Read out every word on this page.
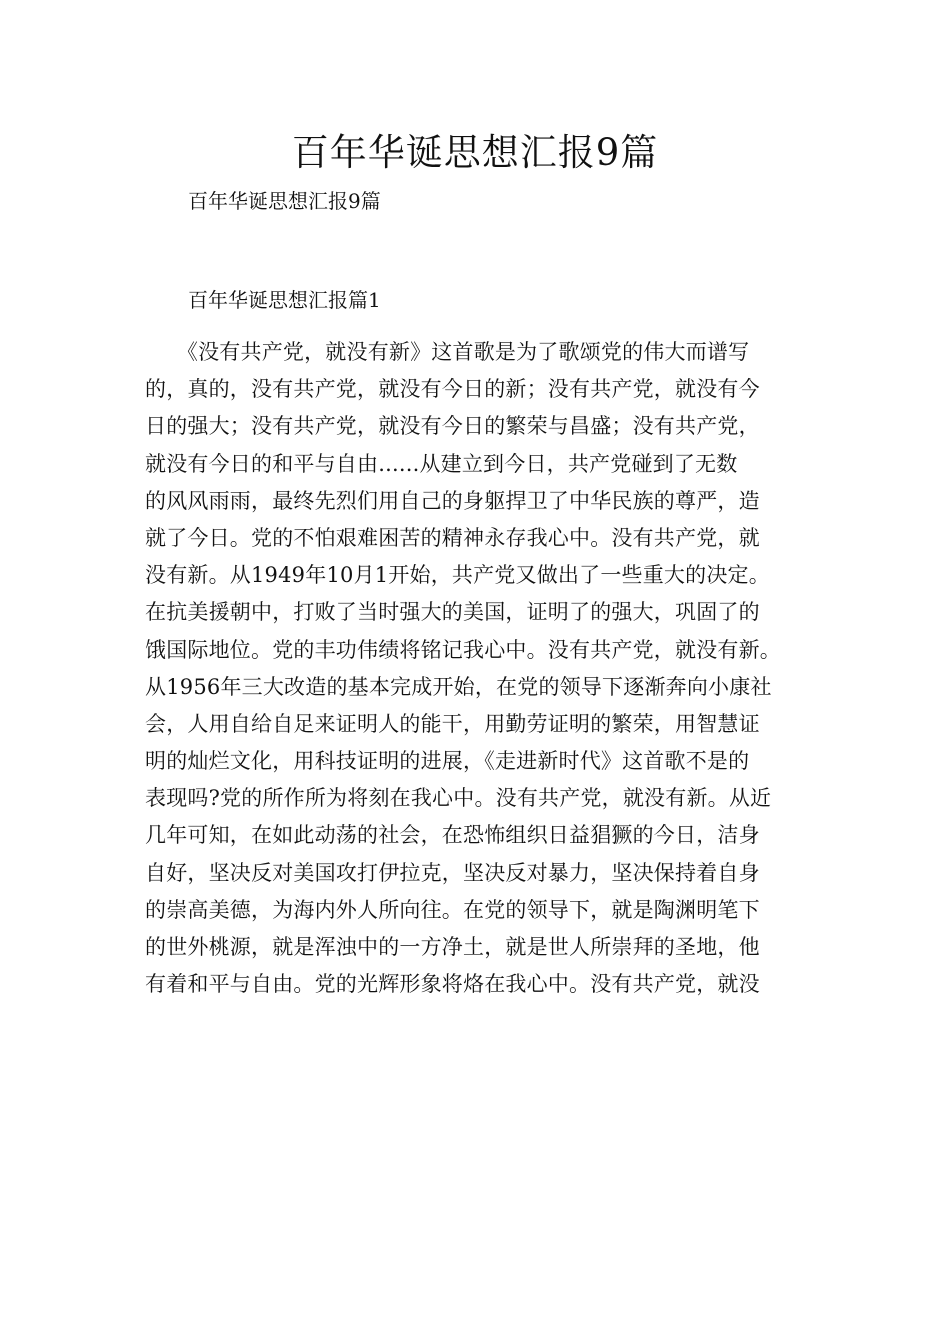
百年华诞思想汇报9篇

百年华诞思想汇报9篇

百年华诞思想汇报篇1

　　《没有共产党，就没有新》这首歌是为了歌颂党的伟大而谱写
的，真的，没有共产党，就没有今日的新；没有共产党，就没有今
日的强大；没有共产党，就没有今日的繁荣与昌盛；没有共产党，
就没有今日的和平与自由......从建立到今日，共产党碰到了无数
的风风雨雨，最终先烈们用自己的身躯捍卫了中华民族的尊严，造
就了今日。党的不怕艰难困苦的精神永存我心中。没有共产党，就
没有新。从1949年10月1开始，共产党又做出了一些重大的决定。
在抗美援朝中，打败了当时强大的美国，证明了的强大，巩固了的
饿国际地位。党的丰功伟绩将铭记我心中。没有共产党，就没有新。
从1956年三大改造的基本完成开始，在党的领导下逐渐奔向小康社
会，人用自给自足来证明人的能干，用勤劳证明的繁荣，用智慧证
明的灿烂文化，用科技证明的进展，《走进新时代》这首歌不是的
表现吗?党的所作所为将刻在我心中。没有共产党，就没有新。从近
几年可知，在如此动荡的社会，在恐怖组织日益猖獗的今日，洁身
自好，坚决反对美国攻打伊拉克，坚决反对暴力，坚决保持着自身
的崇高美德，为海内外人所向往。在党的领导下，就是陶渊明笔下
的世外桃源，就是浑浊中的一方净土，就是世人所崇拜的圣地，他
有着和平与自由。党的光辉形象将烙在我心中。没有共产党，就没
